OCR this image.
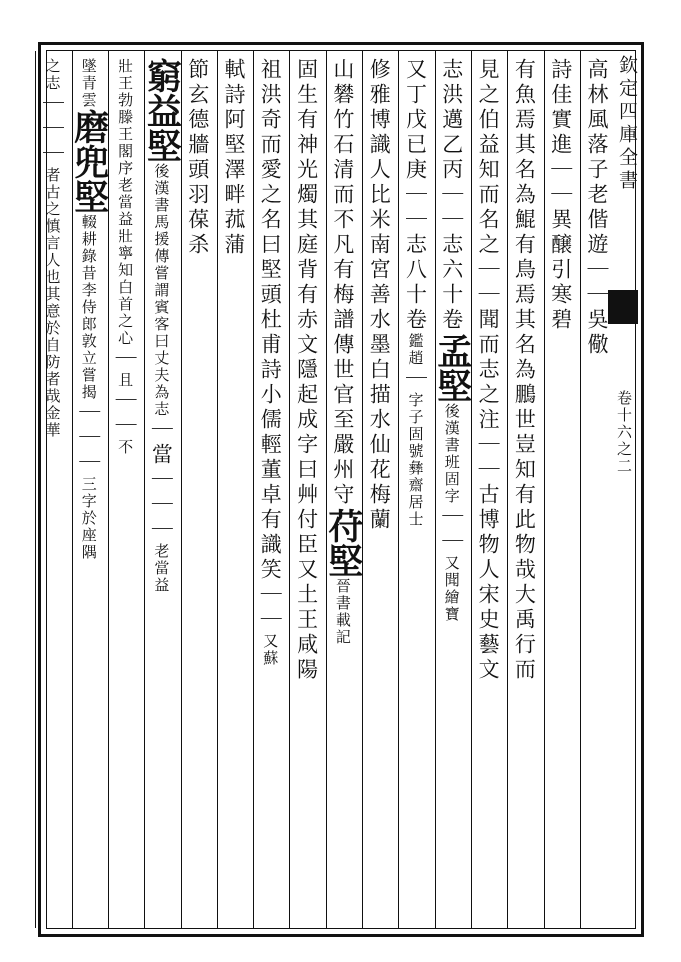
欽定四庫全書
卷十六之二
高林風落子老偕遊｜｜吳儆
詩佳實進｜｜異醸引寒碧
有魚焉其名為鯤有鳥焉其名為鵬世豈知有此物哉大禹行而
見之伯益知而名之｜｜聞而志之注｜｜古博物人宋史藝文
志洪邁乙丙｜｜志六十卷孟堅後漢書班固字｜｜又聞繪寶
又丁戊已庚｜｜志八十卷鑑趙｜字子固號彝齋居士
修雅博識人比米南宮善水墨白描水仙花梅蘭
山礬竹石清而不凡有梅譜傳世官至嚴州守苻堅晉書載記
固生有神光燭其庭背有赤文隱起成字曰艸付臣又土王咸陽
祖洪奇而愛之名曰堅頭杜甫詩小儒輕董卓有識笑｜｜又蘇
軾詩阿堅澤畔菰蒲
節玄德牆頭羽葆杀
窮益堅後漢書馬援傳嘗謂賓客曰丈夫為志｜當｜｜｜老當益
壯王勃滕王閣序老當益壯寧知白首之心｜且｜｜不
墜青雲磨兜堅輟耕錄昔李侍郎敦立嘗揭｜｜｜三字於座隅
之志｜｜｜者古之慎言人也其意於自防者哉金華
